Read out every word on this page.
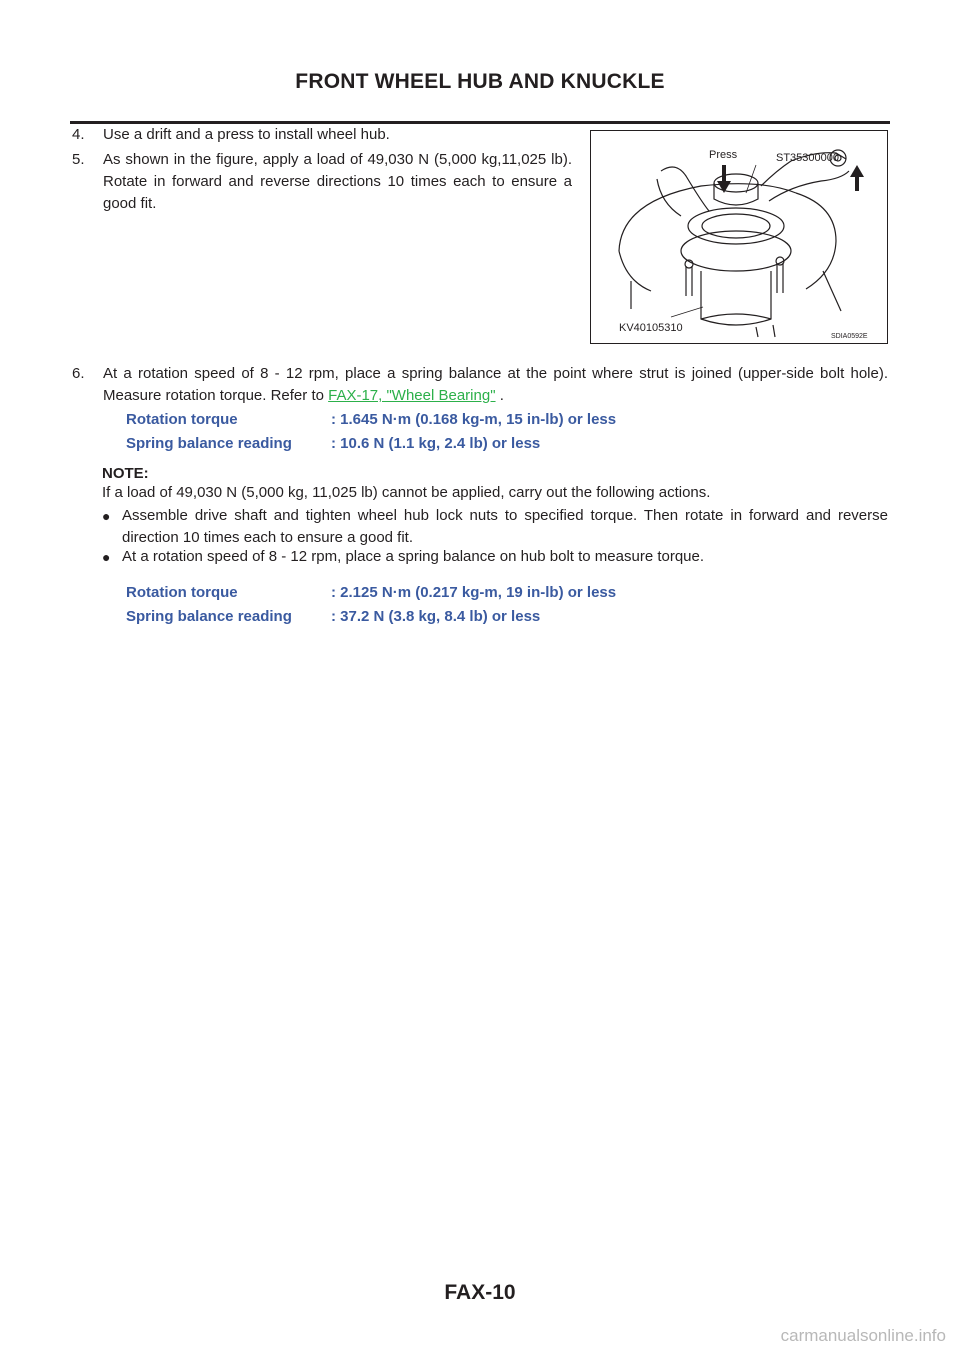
FRONT WHEEL HUB AND KNUCKLE
4. Use a drift and a press to install wheel hub.
5. As shown in the figure, apply a load of 49,030 N (5,000 kg,11,025 lb). Rotate in forward and reverse directions 10 times each to ensure a good fit.
Press	ST35300000
KV40105310
SDIA0592E
6. At a rotation speed of 8 - 12 rpm, place a spring balance at the point where strut is joined (upper-side bolt hole). Measure rotation torque. Refer to FAX-17, "Wheel Bearing" .
Rotation torque	: 1.645 N·m (0.168 kg-m, 15 in-lb) or less
Spring balance reading	: 10.6 N (1.1 kg, 2.4 lb) or less
NOTE:
If a load of 49,030 N (5,000 kg, 11,025 lb) cannot be applied, carry out the following actions.
● Assemble drive shaft and tighten wheel hub lock nuts to specified torque. Then rotate in forward and reverse direction 10 times each to ensure a good fit.
● At a rotation speed of 8 - 12 rpm, place a spring balance on hub bolt to measure torque.
Rotation torque	: 2.125 N·m (0.217 kg-m, 19 in-lb) or less
Spring balance reading	: 37.2 N (3.8 kg, 8.4 lb) or less
FAX-10
carmanualsonline.info
